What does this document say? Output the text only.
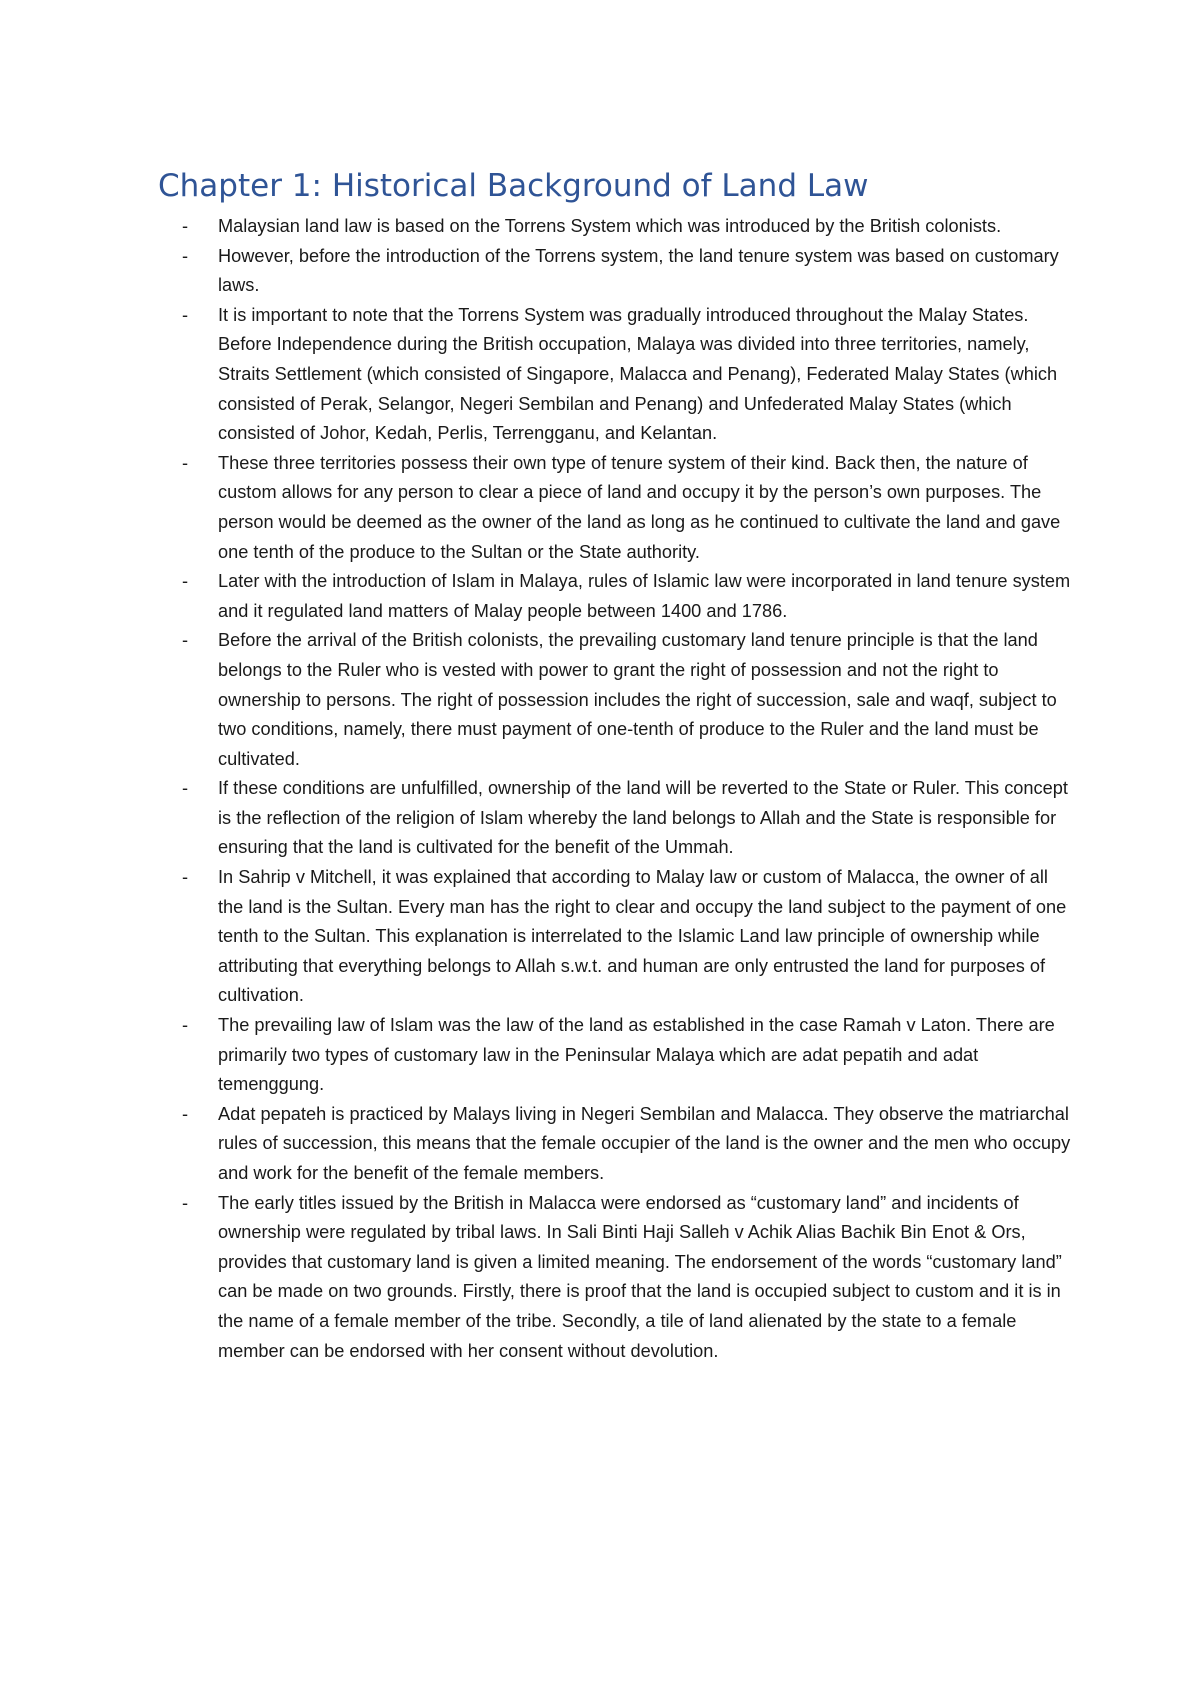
Chapter 1: Historical Background of Land Law
- Malaysian land law is based on the Torrens System which was introduced by the British colonists.
- However, before the introduction of the Torrens system, the land tenure system was based on customary laws.
- It is important to note that the Torrens System was gradually introduced throughout the Malay States. Before Independence during the British occupation, Malaya was divided into three territories, namely, Straits Settlement (which consisted of Singapore, Malacca and Penang), Federated Malay States (which consisted of Perak, Selangor, Negeri Sembilan and Penang) and Unfederated Malay States (which consisted of Johor, Kedah, Perlis, Terrengganu, and Kelantan.
- These three territories possess their own type of tenure system of their kind. Back then, the nature of custom allows for any person to clear a piece of land and occupy it by the person’s own purposes. The person would be deemed as the owner of the land as long as he continued to cultivate the land and gave one tenth of the produce to the Sultan or the State authority.
- Later with the introduction of Islam in Malaya, rules of Islamic law were incorporated in land tenure system and it regulated land matters of Malay people between 1400 and 1786.
- Before the arrival of the British colonists, the prevailing customary land tenure principle is that the land belongs to the Ruler who is vested with power to grant the right of possession and not the right to ownership to persons. The right of possession includes the right of succession, sale and waqf, subject to two conditions, namely, there must payment of one-tenth of produce to the Ruler and the land must be cultivated.
- If these conditions are unfulfilled, ownership of the land will be reverted to the State or Ruler. This concept is the reflection of the religion of Islam whereby the land belongs to Allah and the State is responsible for ensuring that the land is cultivated for the benefit of the Ummah.
- In Sahrip v Mitchell, it was explained that according to Malay law or custom of Malacca, the owner of all the land is the Sultan. Every man has the right to clear and occupy the land subject to the payment of one tenth to the Sultan. This explanation is interrelated to the Islamic Land law principle of ownership while attributing that everything belongs to Allah s.w.t. and human are only entrusted the land for purposes of cultivation.
- The prevailing law of Islam was the law of the land as established in the case Ramah v Laton. There are primarily two types of customary law in the Peninsular Malaya which are adat pepatih and adat temenggung.
- Adat pepateh is practiced by Malays living in Negeri Sembilan and Malacca. They observe the matriarchal rules of succession, this means that the female occupier of the land is the owner and the men who occupy and work for the benefit of the female members.
- The early titles issued by the British in Malacca were endorsed as “customary land” and incidents of ownership were regulated by tribal laws. In Sali Binti Haji Salleh v Achik Alias Bachik Bin Enot & Ors, provides that customary land is given a limited meaning. The endorsement of the words “customary land” can be made on two grounds. Firstly, there is proof that the land is occupied subject to custom and it is in the name of a female member of the tribe. Secondly, a tile of land alienated by the state to a female member can be endorsed with her consent without devolution.
